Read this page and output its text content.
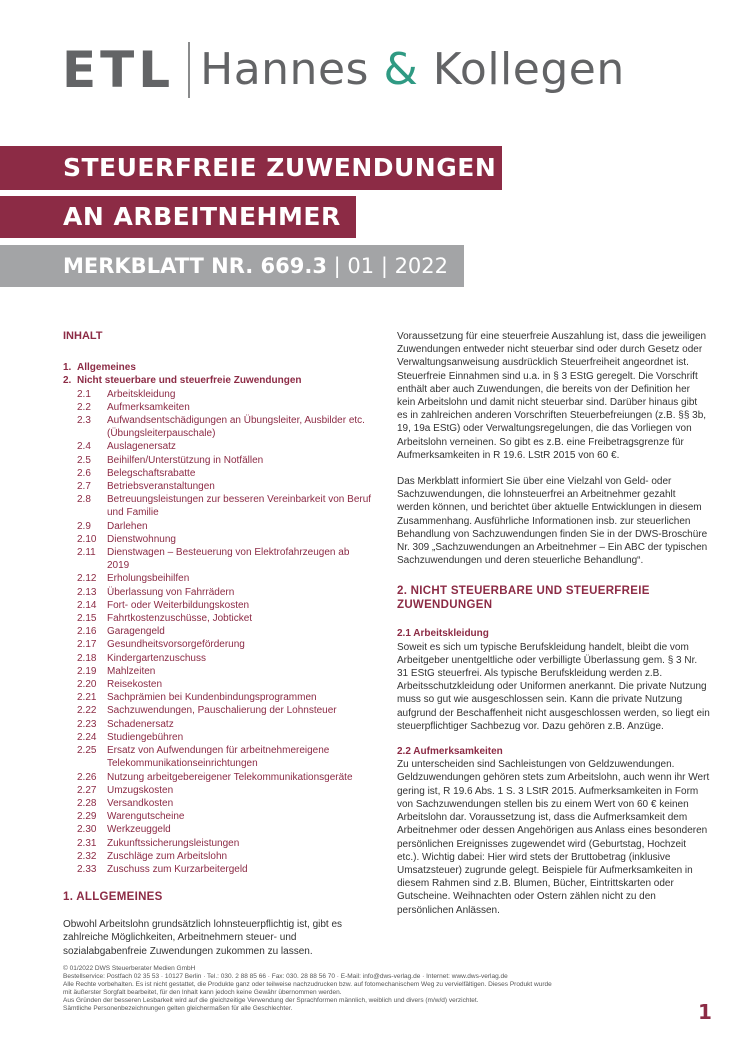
ETL Hannes & Kollegen
STEUERFREIE ZUWENDUNGEN
AN ARBEITNEHMER
MERKBLATT NR. 669.3 | 01 | 2022
INHALT
1. Allgemeines
2. Nicht steuerbare und steuerfreie Zuwendungen
2.1	Arbeitskleidung
2.2	Aufmerksamkeiten
2.3	Aufwandsentschädigungen an Übungsleiter, Ausbilder etc. (Übungsleiterpauschale)
2.4	Auslagenersatz
2.5	Beihilfen/Unterstützung in Notfällen
2.6	Belegschaftsrabatte
2.7	Betriebsveranstaltungen
2.8	Betreuungsleistungen zur besseren Vereinbarkeit von Beruf und Familie
2.9	Darlehen
2.10	Dienstwohnung
2.11	Dienstwagen – Besteuerung von Elektrofahrzeugen ab 2019
2.12	Erholungsbeihilfen
2.13	Überlassung von Fahrrädern
2.14	Fort- oder Weiterbildungskosten
2.15	Fahrtkostenzuschüsse, Jobticket
2.16	Garagengeld
2.17	Gesundheitsvorsorgeförderung
2.18	Kindergartenzuschuss
2.19	Mahlzeiten
2.20	Reisekosten
2.21	Sachprämien bei Kundenbindungsprogrammen
2.22	Sachzuwendungen, Pauschalierung der Lohnsteuer
2.23	Schadenersatz
2.24	Studiengebühren
2.25	Ersatz von Aufwendungen für arbeitnehmereigene Telekommunikationseinrichtungen
2.26	Nutzung arbeitgebereigener Telekommunikationsgeräte
2.27	Umzugskosten
2.28	Versandkosten
2.29	Warengutscheine
2.30	Werkzeuggeld
2.31	Zukunftssicherungsleistungen
2.32	Zuschläge zum Arbeitslohn
2.33	Zuschuss zum Kurzarbeitergeld
1. ALLGEMEINES

Obwohl Arbeitslohn grundsätzlich lohnsteuerpflichtig ist, gibt es zahlreiche Möglichkeiten, Arbeitnehmern steuer- und sozialabgabenfreie Zuwendungen zukommen zu lassen.

Voraussetzung für eine steuerfreie Auszahlung ist, dass die jeweiligen Zuwendungen entweder nicht steuerbar sind oder durch Gesetz oder Verwaltungsanweisung ausdrücklich Steuerfreiheit angeordnet ist. Steuerfreie Einnahmen sind u.a. in § 3 EStG geregelt. Die Vorschrift enthält aber auch Zuwendungen, die bereits von der Definition her kein Arbeitslohn und damit nicht steuerbar sind. Darüber hinaus gibt es in zahlreichen anderen Vorschriften Steuerbefreiungen (z.B. §§ 3b, 19, 19a EStG) oder Verwaltungsregelungen, die das Vorliegen von Arbeitslohn verneinen. So gibt es z.B. eine Freibetragsgrenze für Aufmerksamkeiten in R 19.6. LStR 2015 von 60 €.

Das Merkblatt informiert Sie über eine Vielzahl von Geld- oder Sachzuwendungen, die lohnsteuerfrei an Arbeitnehmer gezahlt werden können, und berichtet über aktuelle Entwicklungen in diesem Zusammenhang. Ausführliche Informationen insb. zur steuerlichen Behandlung von Sachzuwendungen finden Sie in der DWS-Broschüre Nr. 309 „Sachzuwendungen an Arbeitnehmer – Ein ABC der typischen Sachzuwendungen und deren steuerliche Behandlung“.

2. NICHT STEUERBARE UND STEUERFREIE ZUWENDUNGEN
2.1 Arbeitskleidung

Soweit es sich um typische Berufskleidung handelt, bleibt die vom Arbeitgeber unentgeltliche oder verbilligte Überlassung gem. § 3 Nr. 31 EStG steuerfrei. Als typische Berufskleidung werden z.B. Arbeitsschutzkleidung oder Uniformen anerkannt. Die private Nutzung muss so gut wie ausgeschlossen sein. Kann die private Nutzung aufgrund der Beschaffenheit nicht ausgeschlossen werden, so liegt ein steuerpflichtiger Sachbezug vor. Dazu gehören z.B. Anzüge.

2.2 Aufmerksamkeiten

Zu unterscheiden sind Sachleistungen von Geldzuwendungen. Geldzuwendungen gehören stets zum Arbeitslohn, auch wenn ihr Wert gering ist, R 19.6 Abs. 1 S. 3 LStR 2015. Aufmerksamkeiten in Form von Sachzuwendungen stellen bis zu einem Wert von 60 € keinen Arbeitslohn dar. Voraussetzung ist, dass die Aufmerksamkeit dem Arbeitnehmer oder dessen Angehörigen aus Anlass eines besonderen persönlichen Ereignisses zugewendet wird (Geburtstag, Hochzeit etc.). Wichtig dabei: Hier wird stets der Bruttobetrag (inklusive Umsatzsteuer) zugrunde gelegt. Beispiele für Aufmerksamkeiten in diesem Rahmen sind z.B. Blumen, Bücher, Eintrittskarten oder Gutscheine. Weihnachten oder Ostern zählen nicht zu den persönlichen Anlässen.

© 01/2022 DWS Steuerberater Medien GmbH
Bestellservice: Postfach 02 35 53 · 10127 Berlin · Tel.: 030. 2 88 85 66 · Fax: 030. 28 88 56 70 · E-Mail: info@dws-verlag.de · Internet: www.dws-verlag.de
Alle Rechte vorbehalten. Es ist nicht gestattet, die Produkte ganz oder teilweise nachzudrucken bzw. auf fotomechanischem Weg zu vervielfältigen. Dieses Produkt wurde
mit äußerster Sorgfalt bearbeitet, für den Inhalt kann jedoch keine Gewähr übernommen werden.
Aus Gründen der besseren Lesbarkeit wird auf die gleichzeitige Verwendung der Sprachformen männlich, weiblich und divers (m/w/d) verzichtet.
Sämtliche Personenbezeichnungen gelten gleichermaßen für alle Geschlechter.	1
